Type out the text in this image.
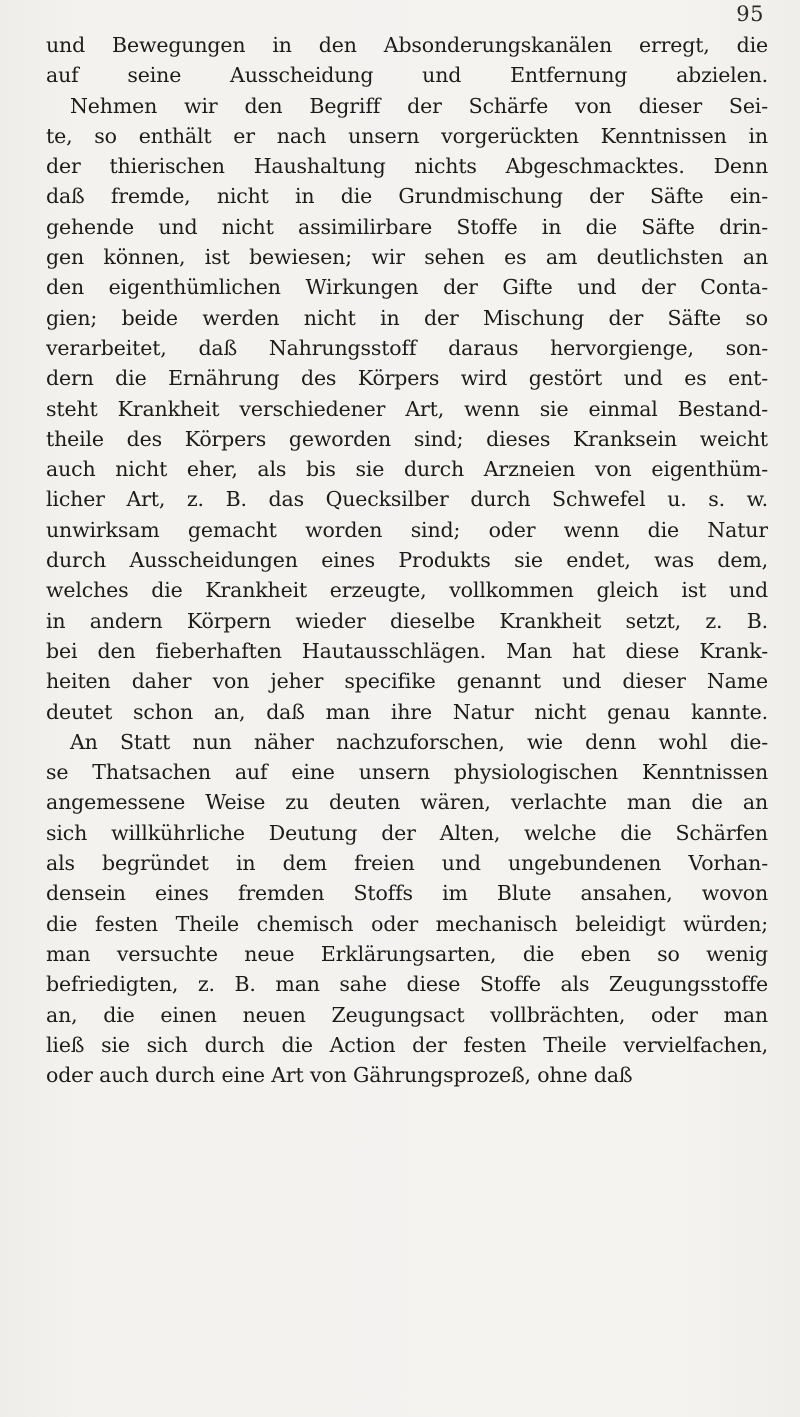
95
und Bewegungen in den Absonderungskanälen erregt, die
auf seine Ausscheidung und Entfernung abzielen.
Nehmen wir den Begriff der Schärfe von dieser Sei-
te, so enthält er nach unsern vorgerückten Kenntnissen in
der thierischen Haushaltung nichts Abgeschmacktes. Denn
daß fremde, nicht in die Grundmischung der Säfte ein-
gehende und nicht assimilirbare Stoffe in die Säfte drin-
gen können, ist bewiesen; wir sehen es am deutlichsten an
den eigenthümlichen Wirkungen der Gifte und der Conta-
gien; beide werden nicht in der Mischung der Säfte so
verarbeitet, daß Nahrungsstoff daraus hervorgienge, son-
dern die Ernährung des Körpers wird gestört und es ent-
steht Krankheit verschiedener Art, wenn sie einmal Bestand-
theile des Körpers geworden sind; dieses Kranksein weicht
auch nicht eher, als bis sie durch Arzneien von eigenthüm-
licher Art, z. B. das Quecksilber durch Schwefel u. s. w.
unwirksam gemacht worden sind; oder wenn die Natur
durch Ausscheidungen eines Produkts sie endet, was dem,
welches die Krankheit erzeugte, vollkommen gleich ist und
in andern Körpern wieder dieselbe Krankheit setzt, z. B.
bei den fieberhaften Hautausschlägen. Man hat diese Krank-
heiten daher von jeher specifike genannt und dieser Name
deutet schon an, daß man ihre Natur nicht genau kannte.
An Statt nun näher nachzuforschen, wie denn wohl die-
se Thatsachen auf eine unsern physiologischen Kenntnissen
angemessene Weise zu deuten wären, verlachte man die an
sich willkührliche Deutung der Alten, welche die Schärfen
als begründet in dem freien und ungebundenen Vorhan-
densein eines fremden Stoffs im Blute ansahen, wovon
die festen Theile chemisch oder mechanisch beleidigt würden;
man versuchte neue Erklärungsarten, die eben so wenig
befriedigten, z. B. man sahe diese Stoffe als Zeugungsstoffe
an, die einen neuen Zeugungsact vollbrächten, oder man
ließ sie sich durch die Action der festen Theile vervielfachen,
oder auch durch eine Art von Gährungsprozeß, ohne daß
